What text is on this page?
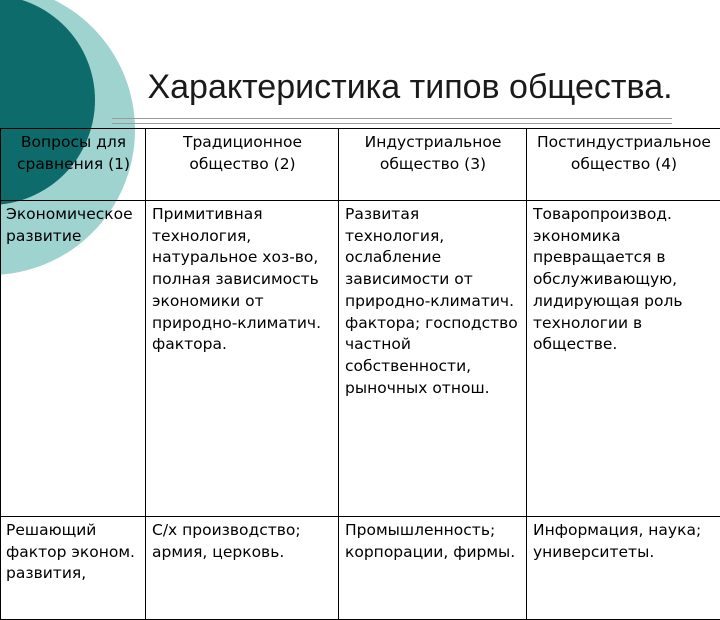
Характеристика типов общества.
Вопросы для сравнения (1)	Традиционное общество (2)	Индустриальное общество (3)	Постиндустриальное общество (4)
Экономическое развитие	Примитивная технология, натуральное хоз-во, полная зависимость экономики от природно-климатич. фактора.	Развитая технология, ослабление зависимости от природно-климатич. фактора; господство частной собственности, рыночных отнош.	Товаропроизвод. экономика превращается в обслуживающую, лидирующая роль технологии в обществе.
Решающий фактор эконом. развития,	С/х производство; армия, церковь.	Промышленность; корпорации, фирмы.	Информация, наука; университеты.
